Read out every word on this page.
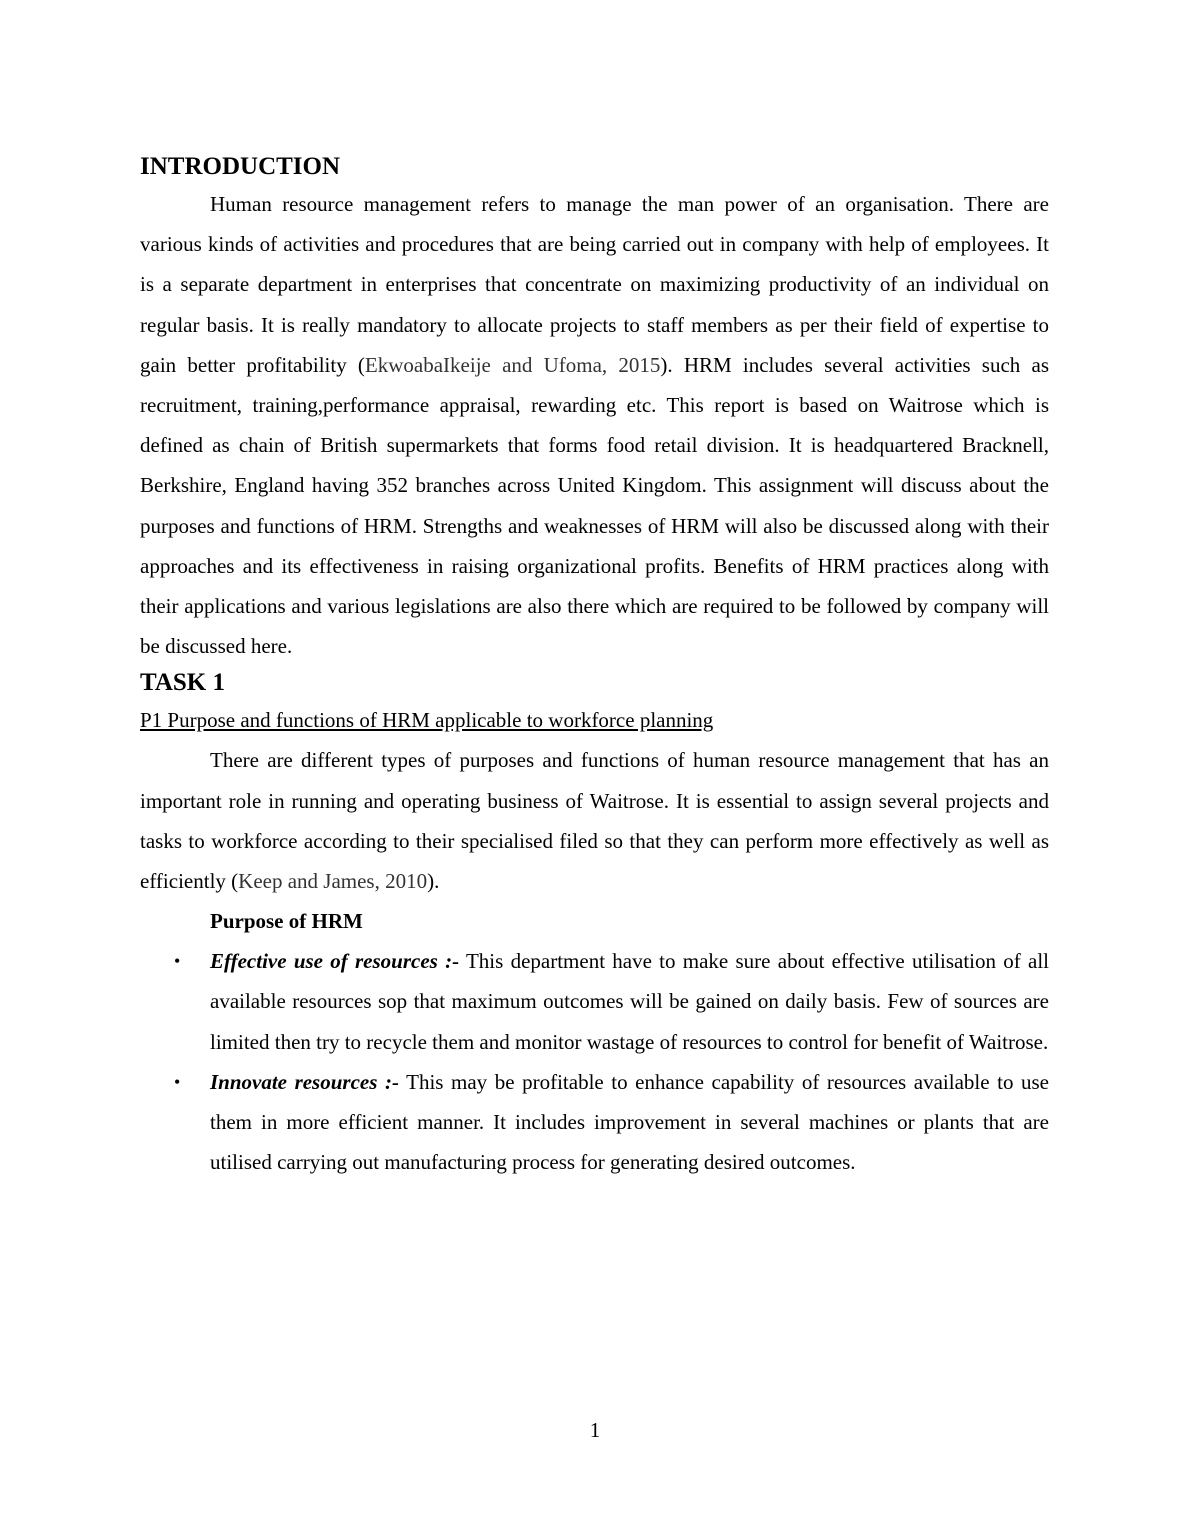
INTRODUCTION

Human resource management refers to manage the man power of an organisation. There are various kinds of activities and procedures that are being carried out in company with help of employees. It is a separate department in enterprises that concentrate on maximizing productivity of an individual on regular basis. It is really mandatory to allocate projects to staff members as per their field of expertise to gain better profitability (EkwoabaIkeije and Ufoma, 2015). HRM includes several activities such as recruitment, training,performance appraisal, rewarding etc. This report is based on Waitrose which is defined as chain of British supermarkets that forms food retail division. It is headquartered Bracknell, Berkshire, England having 352 branches across United Kingdom. This assignment will discuss about the purposes and functions of HRM. Strengths and weaknesses of HRM will also be discussed along with their approaches and its effectiveness in raising organizational profits. Benefits of HRM practices along with their applications and various legislations are also there which are required to be followed by company will be discussed here.

TASK 1
P1 Purpose and functions of HRM applicable to workforce planning

There are different types of purposes and functions of human resource management that has an important role in running and operating business of Waitrose. It is essential to assign several projects and tasks to workforce according to their specialised filed so that they can perform more effectively as well as efficiently (Keep and James, 2010).

Purpose of HRM
• Effective use of resources :- This department have to make sure about effective utilisation of all available resources sop that maximum outcomes will be gained on daily basis. Few of sources are limited then try to recycle them and monitor wastage of resources to control for benefit of Waitrose.
• Innovate resources :- This may be profitable to enhance capability of resources available to use them in more efficient manner. It includes improvement in several machines or plants that are utilised carrying out manufacturing process for generating desired outcomes.
1
